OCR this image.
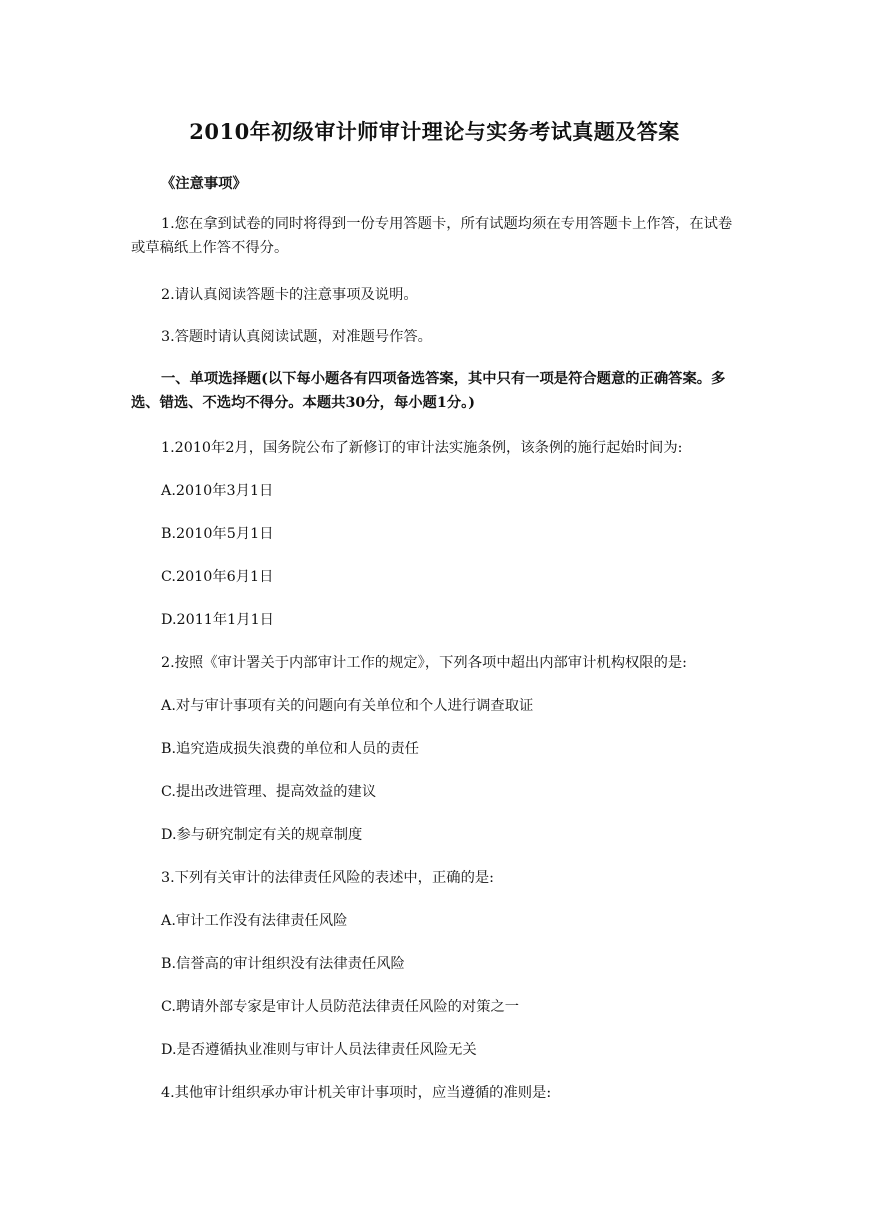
2010年初级审计师审计理论与实务考试真题及答案
《注意事项》
1.您在拿到试卷的同时将得到一份专用答题卡，所有试题均须在专用答题卡上作答，在试卷或草稿纸上作答不得分。
2.请认真阅读答题卡的注意事项及说明。
3.答题时请认真阅读试题，对准题号作答。
一、单项选择题(以下每小题各有四项备选答案，其中只有一项是符合题意的正确答案。多选、错选、不选均不得分。本题共30分，每小题1分。)
1.2010年2月，国务院公布了新修订的审计法实施条例，该条例的施行起始时间为:
A.2010年3月1日
B.2010年5月1日
C.2010年6月1日
D.2011年1月1日
2.按照《审计署关于内部审计工作的规定》，下列各项中超出内部审计机构权限的是:
A.对与审计事项有关的问题向有关单位和个人进行调查取证
B.追究造成损失浪费的单位和人员的责任
C.提出改进管理、提高效益的建议
D.参与研究制定有关的规章制度
3.下列有关审计的法律责任风险的表述中，正确的是:
A.审计工作没有法律责任风险
B.信誉高的审计组织没有法律责任风险
C.聘请外部专家是审计人员防范法律责任风险的对策之一
D.是否遵循执业准则与审计人员法律责任风险无关
4.其他审计组织承办审计机关审计事项时，应当遵循的准则是:
